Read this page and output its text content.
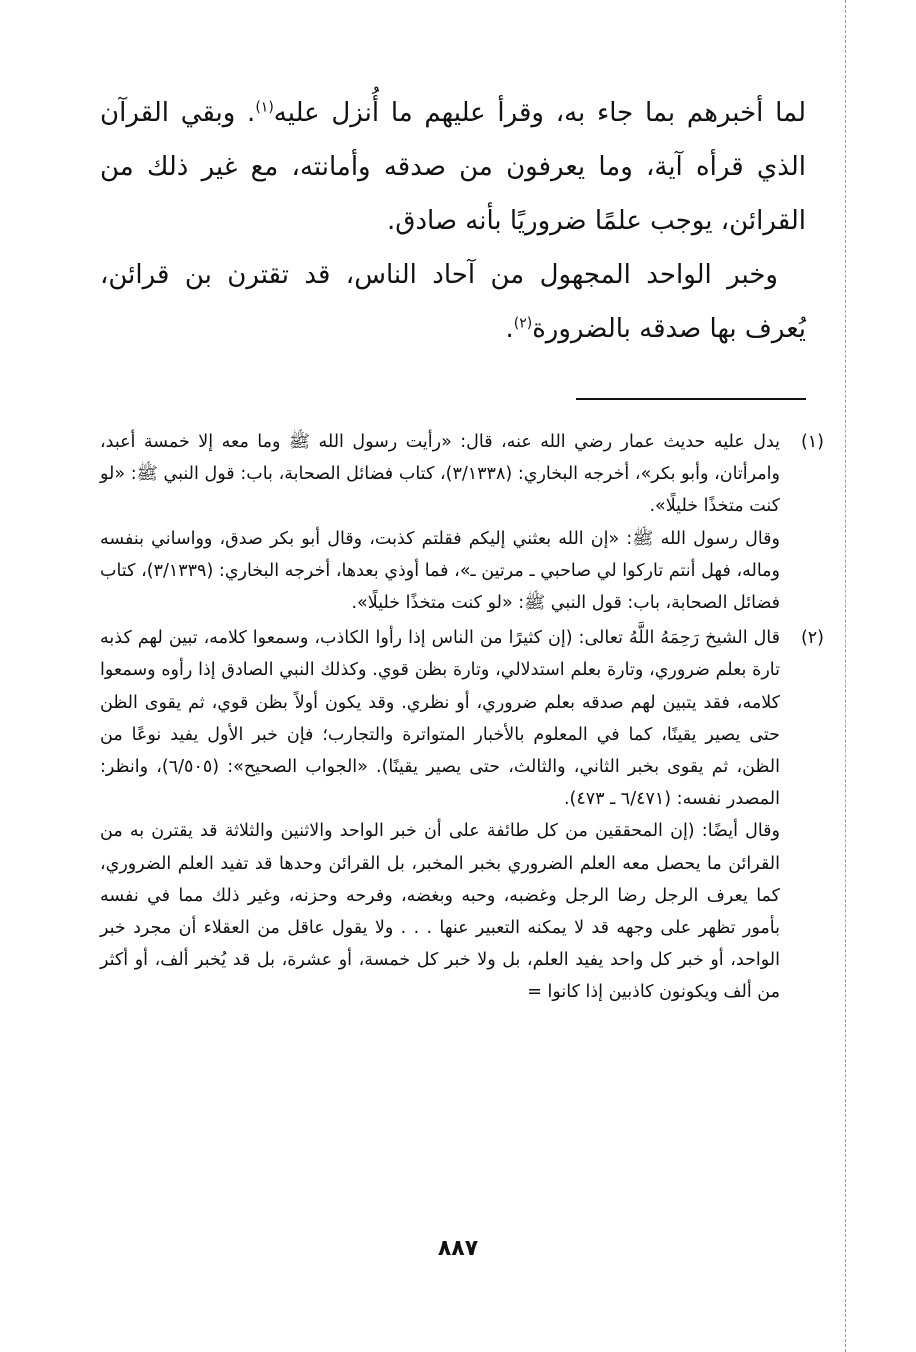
لما أخبرهم بما جاء به، وقرأ عليهم ما أُنزل عليه$^{(١)}$. وبقي القرآن الذي قرأه آية، وما يعرفون من صدقه وأمانته، مع غير ذلك من القرائن، يوجب علمًا ضروريًا بأنه صادق.

وخبر الواحد المجهول من آحاد الناس، قد تقترن بن قرائن، يُعرف بها صدقه بالضرورة$^{(٢)}$.

(١)

يدل عليه حديث عمار رضي الله عنه، قال: «رأيت رسول الله ﷺ وما معه إلا خمسة أعبد، وامرأتان، وأبو بكر»، أخرجه البخاري: (٣/١٣٣٨)، كتاب فضائل الصحابة، باب: قول النبي ﷺ: «لو كنت متخذًا خليلًا».

وقال رسول الله ﷺ: «إن الله بعثني إليكم فقلتم كذبت، وقال أبو بكر صدق، وواساني بنفسه وماله، فهل أنتم تاركوا لي صاحبي ـ مرتين ـ»، فما أوذي بعدها، أخرجه البخاري: (٣/١٣٣٩)، كتاب فضائل الصحابة، باب: قول النبي ﷺ: «لو كنت متخذًا خليلًا».

(٢)

قال الشيخ رَحِمَهُ اللَّهُ تعالى: (إن كثيرًا من الناس إذا رأوا الكاذب، وسمعوا كلامه، تبين لهم كذبه تارة بعلم ضروري، وتارة بعلم استدلالي، وتارة بظن قوي. وكذلك النبي الصادق إذا رأوه وسمعوا كلامه، فقد يتبين لهم صدقه بعلم ضروري، أو نظري. وقد يكون أولاً بظن قوي، ثم يقوى الظن حتى يصير يقينًا، كما في المعلوم بالأخبار المتواترة والتجارب؛ فإن خبر الأول يفيد نوعًا من الظن، ثم يقوى بخبر الثاني، والثالث، حتى يصير يقينًا). «الجواب الصحيح»: (٦/٥٠٥)، وانظر: المصدر نفسه: (٦/٤٧١ ـ ٤٧٣).

وقال أيضًا: (إن المحققين من كل طائفة على أن خبر الواحد والاثنين والثلاثة قد يقترن به من القرائن ما يحصل معه العلم الضروري بخبر المخبر، بل القرائن وحدها قد تفيد العلم الضروري، كما يعرف الرجل رضا الرجل وغضبه، وحبه وبغضه، وفرحه وحزنه، وغير ذلك مما في نفسه بأمور تظهر على وجهه قد لا يمكنه التعبير عنها . . . ولا يقول عاقل من العقلاء أن مجرد خبر الواحد، أو خبر كل واحد يفيد العلم، بل ولا خبر كل خمسة، أو عشرة، بل قد يُخبر ألف، أو أكثر من ألف ويكونون كاذبين إذا كانوا =

٨٨٧
